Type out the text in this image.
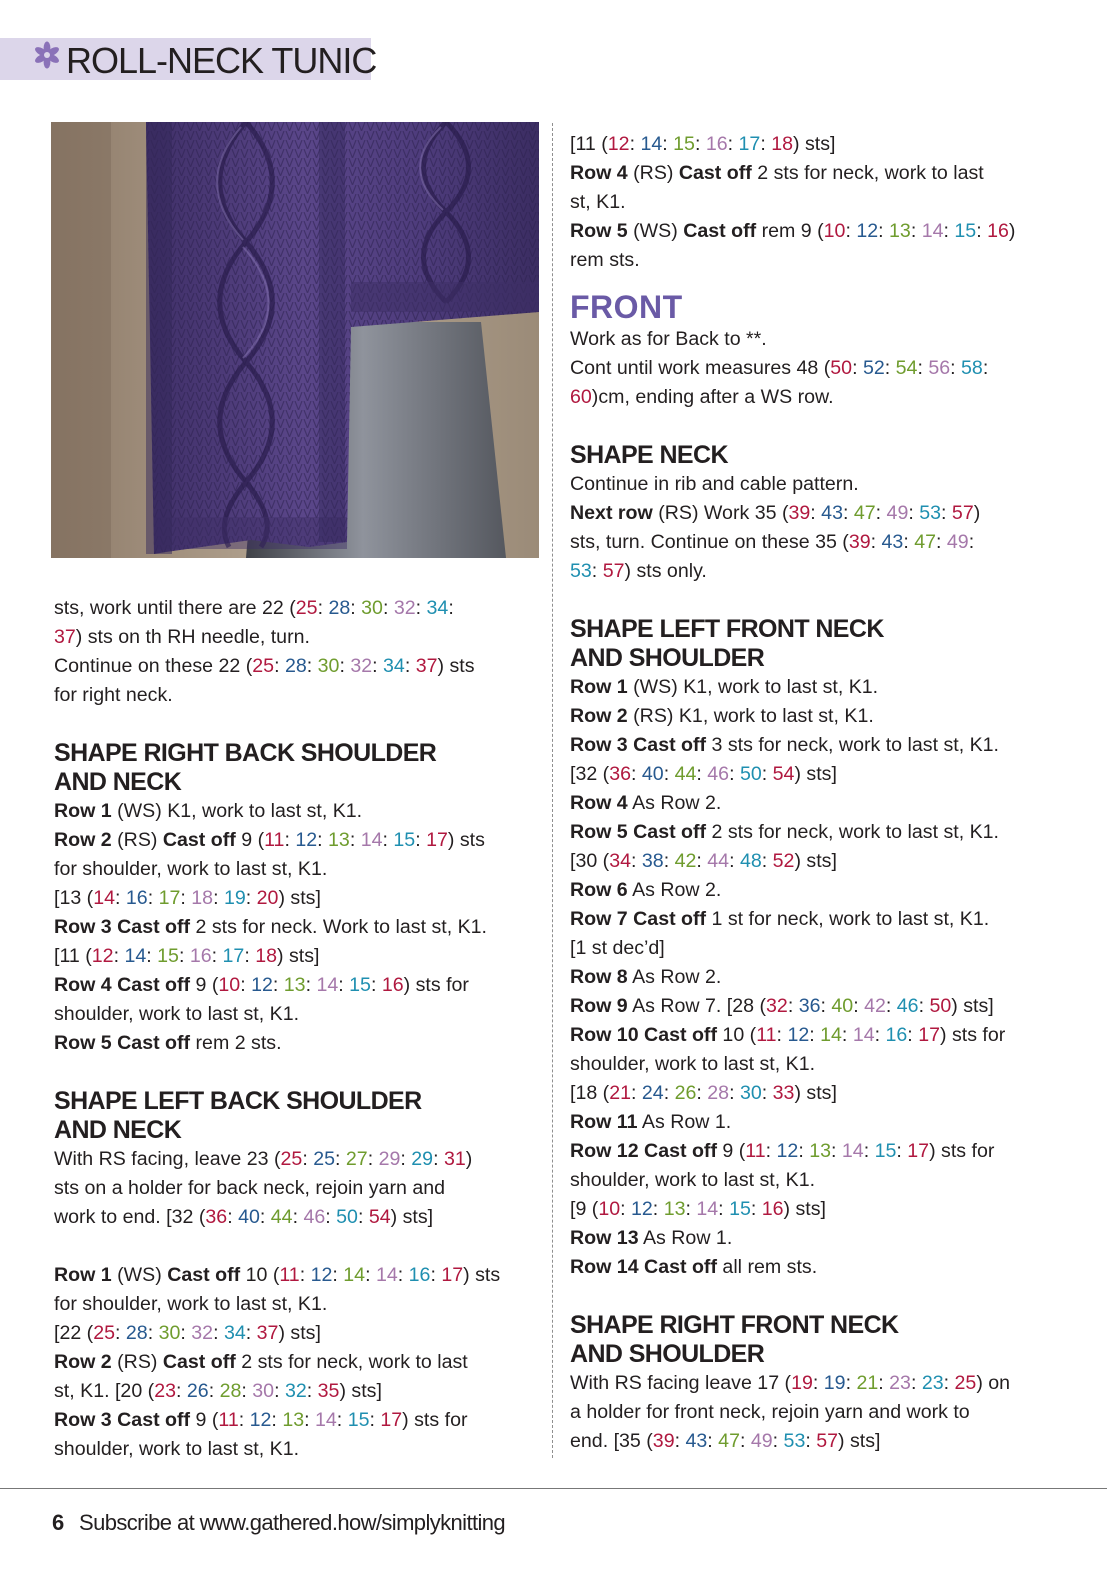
ROLL-NECK TUNIC

sts, work until there are 22 (25: 28: 30: 32: 34:

37) sts on th RH needle, turn.

Continue on these 22 (25: 28: 30: 32: 34: 37) sts

for right neck.

SHAPE RIGHT BACK SHOULDER
AND NECK

Row 1 (WS) K1, work to last st, K1.

Row 2 (RS) Cast off 9 (11: 12: 13: 14: 15: 17) sts

for shoulder, work to last st, K1.

[13 (14: 16: 17: 18: 19: 20) sts]

Row 3 Cast off 2 sts for neck. Work to last st, K1.

[11 (12: 14: 15: 16: 17: 18) sts]

Row 4 Cast off 9 (10: 12: 13: 14: 15: 16) sts for

shoulder, work to last st, K1.

Row 5 Cast off rem 2 sts.

SHAPE LEFT BACK SHOULDER
AND NECK

With RS facing, leave 23 (25: 25: 27: 29: 29: 31)

sts on a holder for back neck, rejoin yarn and

work to end. [32 (36: 40: 44: 46: 50: 54) sts]

Row 1 (WS) Cast off 10 (11: 12: 14: 14: 16: 17) sts

for shoulder, work to last st, K1.

[22 (25: 28: 30: 32: 34: 37) sts]

Row 2 (RS) Cast off 2 sts for neck, work to last

st, K1. [20 (23: 26: 28: 30: 32: 35) sts]

Row 3 Cast off 9 (11: 12: 13: 14: 15: 17) sts for

shoulder, work to last st, K1.

[11 (12: 14: 15: 16: 17: 18) sts]

Row 4 (RS) Cast off 2 sts for neck, work to last

st, K1.

Row 5 (WS) Cast off rem 9 (10: 12: 13: 14: 15: 16)

rem sts.

FRONT

Work as for Back to **.

Cont until work measures 48 (50: 52: 54: 56: 58:

60)cm, ending after a WS row.

SHAPE NECK

Continue in rib and cable pattern.

Next row (RS) Work 35 (39: 43: 47: 49: 53: 57)

sts, turn. Continue on these 35 (39: 43: 47: 49:

53: 57) sts only.

SHAPE LEFT FRONT NECK
AND SHOULDER

Row 1 (WS) K1, work to last st, K1.

Row 2 (RS) K1, work to last st, K1.

Row 3 Cast off 3 sts for neck, work to last st, K1.

[32 (36: 40: 44: 46: 50: 54) sts]

Row 4 As Row 2.

Row 5 Cast off 2 sts for neck, work to last st, K1.

[30 (34: 38: 42: 44: 48: 52) sts]

Row 6 As Row 2.

Row 7 Cast off 1 st for neck, work to last st, K1.

[1 st dec’d]

Row 8 As Row 2.

Row 9 As Row 7. [28 (32: 36: 40: 42: 46: 50) sts]

Row 10 Cast off 10 (11: 12: 14: 14: 16: 17) sts for

shoulder, work to last st, K1.

[18 (21: 24: 26: 28: 30: 33) sts]

Row 11 As Row 1.

Row 12 Cast off 9 (11: 12: 13: 14: 15: 17) sts for

shoulder, work to last st, K1.

[9 (10: 12: 13: 14: 15: 16) sts]

Row 13 As Row 1.

Row 14 Cast off all rem sts.

SHAPE RIGHT FRONT NECK
AND SHOULDER

With RS facing leave 17 (19: 19: 21: 23: 23: 25) on

a holder for front neck, rejoin yarn and work to

end. [35 (39: 43: 47: 49: 53: 57) sts]

6 Subscribe at www.gathered.how/simplyknitting
